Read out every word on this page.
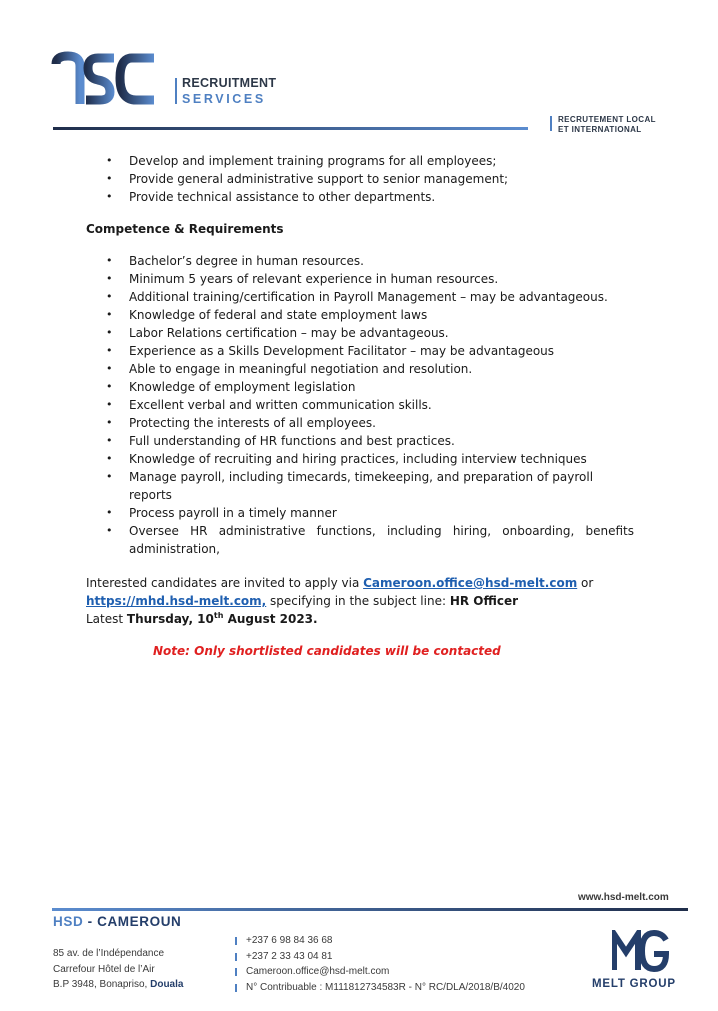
RECRUITMENT
SERVICES
RECRUTEMENT LOCAL
ET INTERNATIONAL
• Develop and implement training programs for all employees;
• Provide general administrative support to senior management;
• Provide technical assistance to other departments.
Competence & Requirements
• Bachelor’s degree in human resources.
• Minimum 5 years of relevant experience in human resources.
• Additional training/certification in Payroll Management – may be advantageous.
• Knowledge of federal and state employment laws
• Labor Relations certification – may be advantageous.
• Experience as a Skills Development Facilitator – may be advantageous
• Able to engage in meaningful negotiation and resolution.
• Knowledge of employment legislation
• Excellent verbal and written communication skills.
• Protecting the interests of all employees.
• Full understanding of HR functions and best practices.
• Knowledge of recruiting and hiring practices, including interview techniques
• Manage payroll, including timecards, timekeeping, and preparation of payroll reports
• Process payroll in a timely manner
• Oversee HR administrative functions, including hiring, onboarding, benefits administration,
Interested candidates are invited to apply via Cameroon.office@hsd-melt.com or
https://mhd.hsd-melt.com, specifying in the subject line: HR Officer
Latest Thursday, 10th August 2023.
Note: Only shortlisted candidates will be contacted
www.hsd-melt.com
HSD - CAMEROUN
85 av. de l’Indépendance
Carrefour Hôtel de l’Air
B.P 3948, Bonapriso, Douala
+237 6 98 84 36 68
+237 2 33 43 04 81
Cameroon.office@hsd-melt.com
N° Contribuable : M111812734583R - N° RC/DLA/2018/B/4020	MELT GROUP
